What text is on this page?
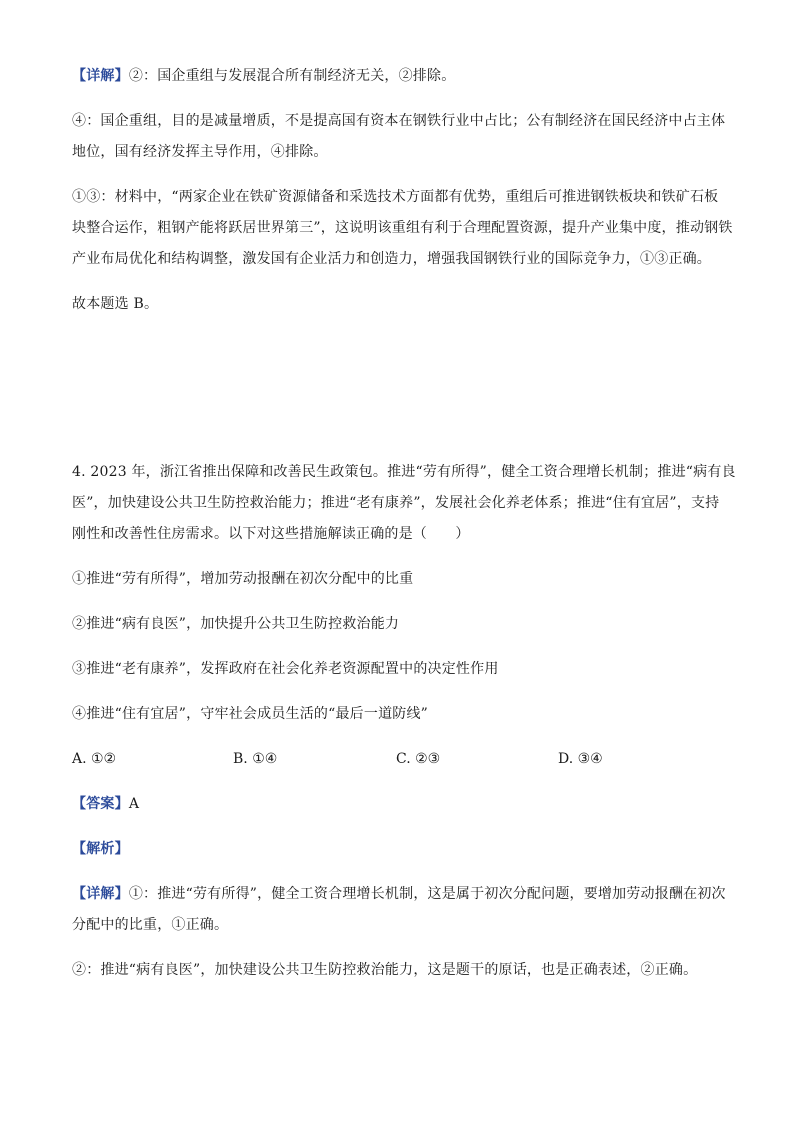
【详解】②：国企重组与发展混合所有制经济无关，②排除。
④：国企重组，目的是减量增质，不是提高国有资本在钢铁行业中占比；公有制经济在国民经济中占主体
地位，国有经济发挥主导作用，④排除。
①③：材料中，“两家企业在铁矿资源储备和采选技术方面都有优势，重组后可推进钢铁板块和铁矿石板
块整合运作，粗钢产能将跃居世界第三”，这说明该重组有利于合理配置资源，提升产业集中度，推动钢铁
产业布局优化和结构调整，激发国有企业活力和创造力，增强我国钢铁行业的国际竞争力，①③正确。
故本题选 B。
4. 2023 年，浙江省推出保障和改善民生政策包。推进“劳有所得”，健全工资合理增长机制；推进“病有良
医”，加快建设公共卫生防控救治能力；推进“老有康养”，发展社会化养老体系；推进“住有宜居”，支持
刚性和改善性住房需求。以下对这些措施解读正确的是（　　）
①推进“劳有所得”，增加劳动报酬在初次分配中的比重
②推进“病有良医”，加快提升公共卫生防控救治能力
③推进“老有康养”，发挥政府在社会化养老资源配置中的决定性作用
④推进“住有宜居”，守牢社会成员生活的“最后一道防线”
A. ①②	B. ①④	C. ②③	D. ③④
【答案】A
【解析】
【详解】①：推进“劳有所得”，健全工资合理增长机制，这是属于初次分配问题，要增加劳动报酬在初次
分配中的比重，①正确。
②：推进“病有良医”，加快建设公共卫生防控救治能力，这是题干的原话，也是正确表述，②正确。
